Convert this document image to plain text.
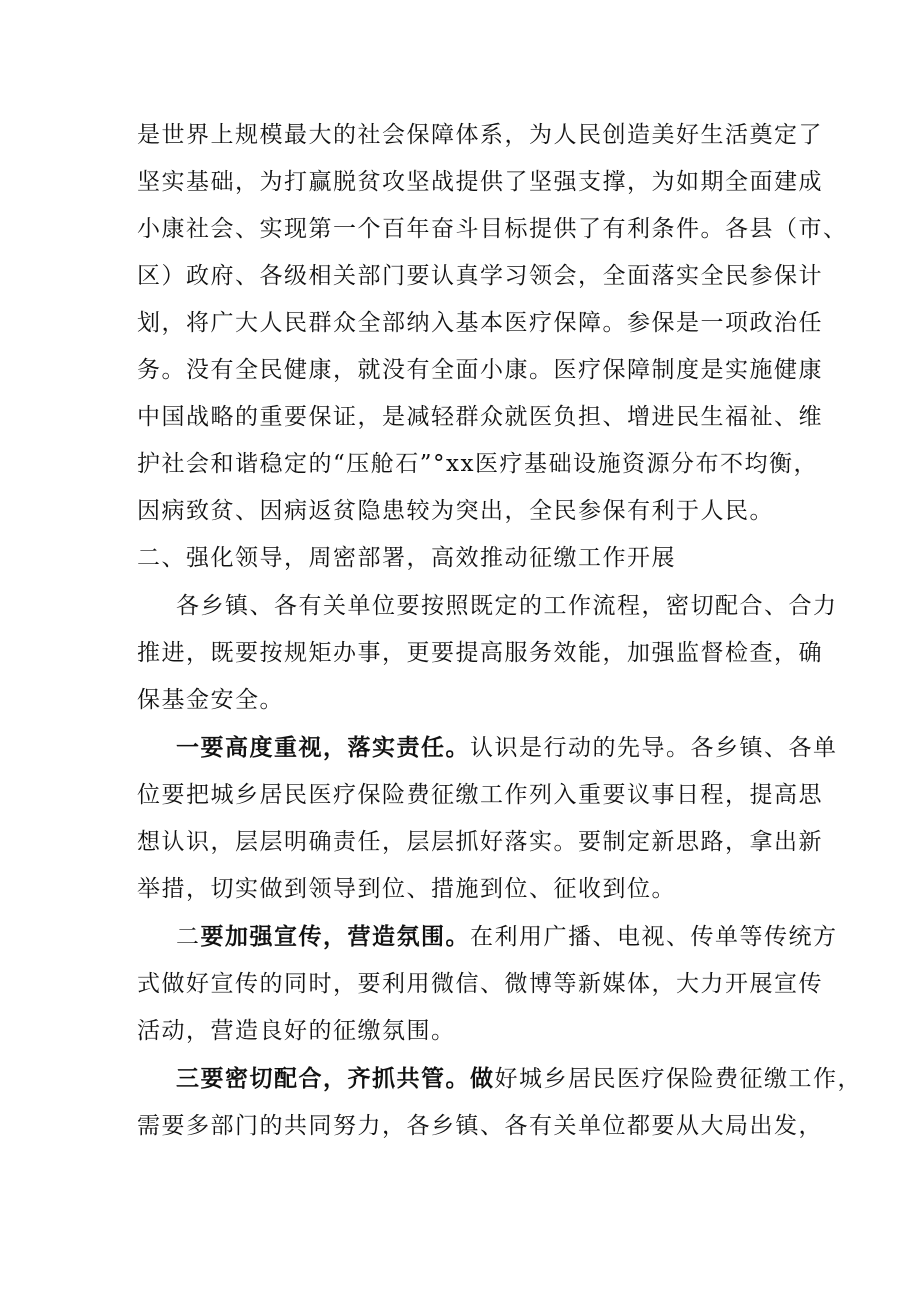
是世界上规模最大的社会保障体系，为人民创造美好生活奠定了
坚实基础，为打赢脱贫攻坚战提供了坚强支撑，为如期全面建成
小康社会、实现第一个百年奋斗目标提供了有利条件。各县（市、
区）政府、各级相关部门要认真学习领会，全面落实全民参保计
划，将广大人民群众全部纳入基本医疗保障。参保是一项政治任
务。没有全民健康，就没有全面小康。医疗保障制度是实施健康
中国战略的重要保证，是减轻群众就医负担、增进民生福祉、维
护社会和谐稳定的“压舱石”°xx医疗基础设施资源分布不均衡，
因病致贫、因病返贫隐患较为突出，全民参保有利于人民。
二、强化领导，周密部署，高效推动征缴工作开展
各乡镇、各有关单位要按照既定的工作流程，密切配合、合力
推进，既要按规矩办事，更要提高服务效能，加强监督检查，确
保基金安全。
一要高度重视，落实责任。认识是行动的先导。各乡镇、各单
位要把城乡居民医疗保险费征缴工作列入重要议事日程，提高思
想认识，层层明确责任，层层抓好落实。要制定新思路，拿出新
举措，切实做到领导到位、措施到位、征收到位。
二要加强宣传，营造氛围。在利用广播、电视、传单等传统方
式做好宣传的同时，要利用微信、微博等新媒体，大力开展宣传
活动，营造良好的征缴氛围。
三要密切配合，齐抓共管。做好城乡居民医疗保险费征缴工作，
需要多部门的共同努力，各乡镇、各有关单位都要从大局出发，
